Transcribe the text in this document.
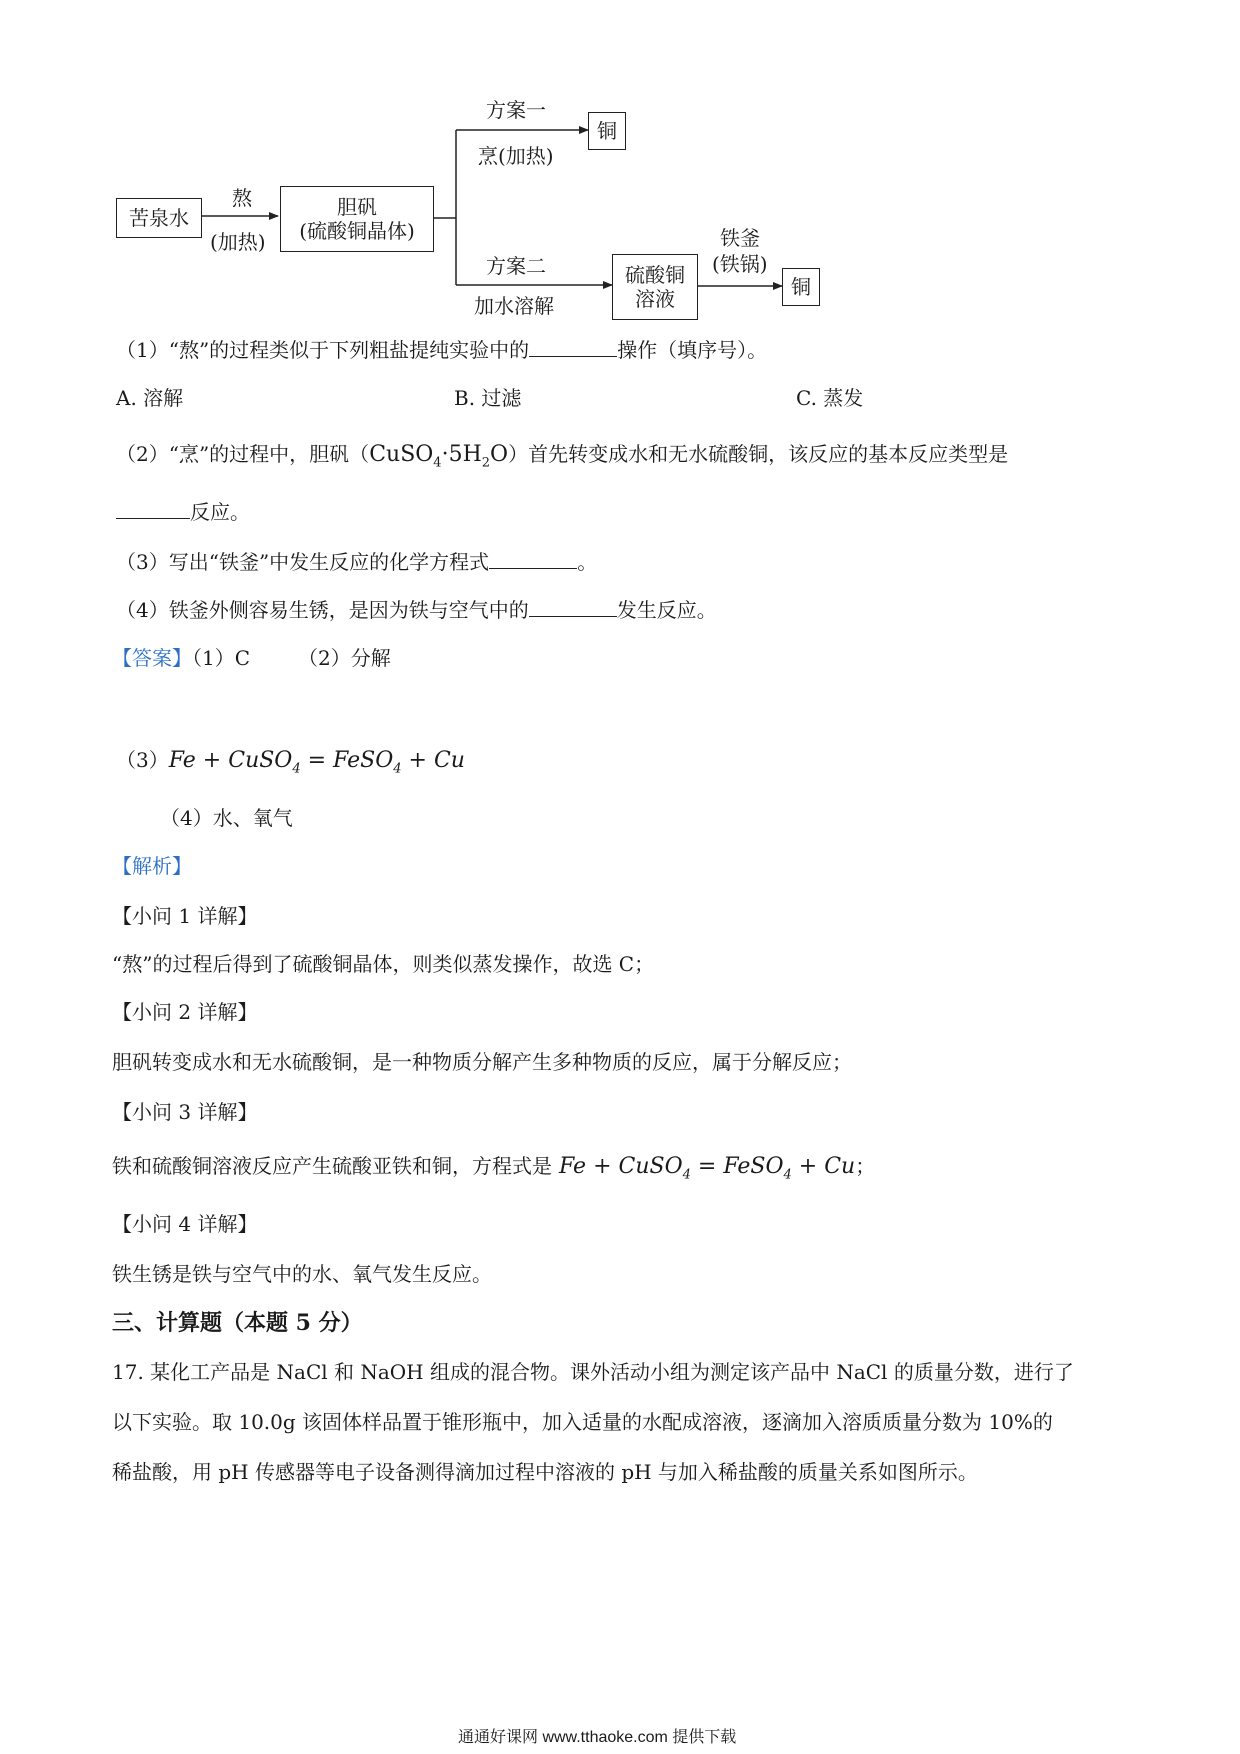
苦泉水
熬
(加热)
胆矾
(硫酸铜晶体)
方案一
烹(加热)
铜
方案二
加水溶解
硫酸铜
溶液
铁釜
(铁锅)
铜
（1）“熬”的过程类似于下列粗盐提纯实验中的	操作（填序号）。
A. 溶解	B. 过滤	C. 蒸发
（2）“烹”的过程中，胆矾$(CuSO_4\cdot 5H_2O)$首先转变成水和无水硫酸铜，该反应的基本反应类型是
反应。
（3）写出“铁釜”中发生反应的化学方程式	。
（4）铁釜外侧容易生锈，是因为铁与空气中的	发生反应。
【答案】（1）C （2）分解
（3）Fe + CuSO$_4$ = FeSO$_4$ + Cu
（4）水、氧气
【解析】
【小问 1 详解】
“熬”的过程后得到了硫酸铜晶体，则类似蒸发操作，故选 C；
【小问 2 详解】
胆矾转变成水和无水硫酸铜，是一种物质分解产生多种物质的反应，属于分解反应；
【小问 3 详解】
铁和硫酸铜溶液反应产生硫酸亚铁和铜，方程式是 Fe + CuSO$_4$ = FeSO$_4$ + Cu；
【小问 4 详解】
铁生锈是铁与空气中的水、氧气发生反应。
三、计算题（本题 5 分）
17. 某化工产品是 NaCl 和 NaOH 组成的混合物。课外活动小组为测定该产品中 NaCl 的质量分数，进行了
以下实验。取 10.0g 该固体样品置于锥形瓶中，加入适量的水配成溶液，逐滴加入溶质质量分数为 10%的
稀盐酸，用 pH 传感器等电子设备测得滴加过程中溶液的 pH 与加入稀盐酸的质量关系如图所示。
通通好课网 www.tthaoke.com 提供下载
